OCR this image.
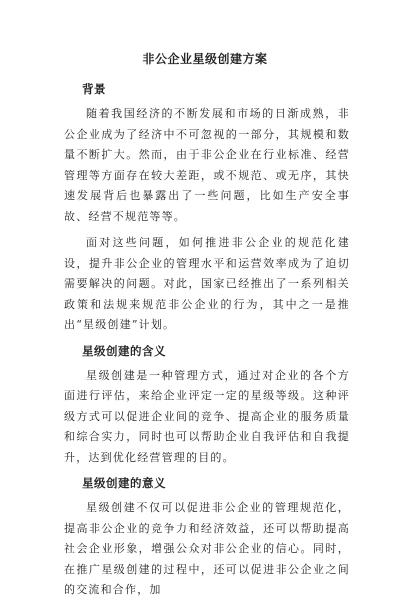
非公企业星级创建方案
背景

随着我国经济的不断发展和市场的日渐成熟，非公企业成为了经济中不可忽视的一部分，其规模和数量不断扩大。然而，由于非公企业在行业标准、经营管理等方面存在较大差距，或不规范、或无序，其快速发展背后也暴露出了一些问题，比如生产安全事故、经营不规范等等。

面对这些问题，如何推进非公企业的规范化建设，提升非公企业的管理水平和运营效率成为了迫切需要解决的问题。对此，国家已经推出了一系列相关政策和法规来规范非公企业的行为，其中之一是推出“星级创建”计划。

星级创建的含义

星级创建是一种管理方式，通过对企业的各个方面进行评估，来给企业评定一定的星级等级。这种评级方式可以促进企业间的竞争、提高企业的服务质量和综合实力，同时也可以帮助企业自我评估和自我提升，达到优化经营管理的目的。

星级创建的意义

星级创建不仅可以促进非公企业的管理规范化，提高非公企业的竞争力和经济效益，还可以帮助提高社会企业形象，增强公众对非公企业的信心。同时，在推广星级创建的过程中，还可以促进非公企业之间的交流和合作，加
